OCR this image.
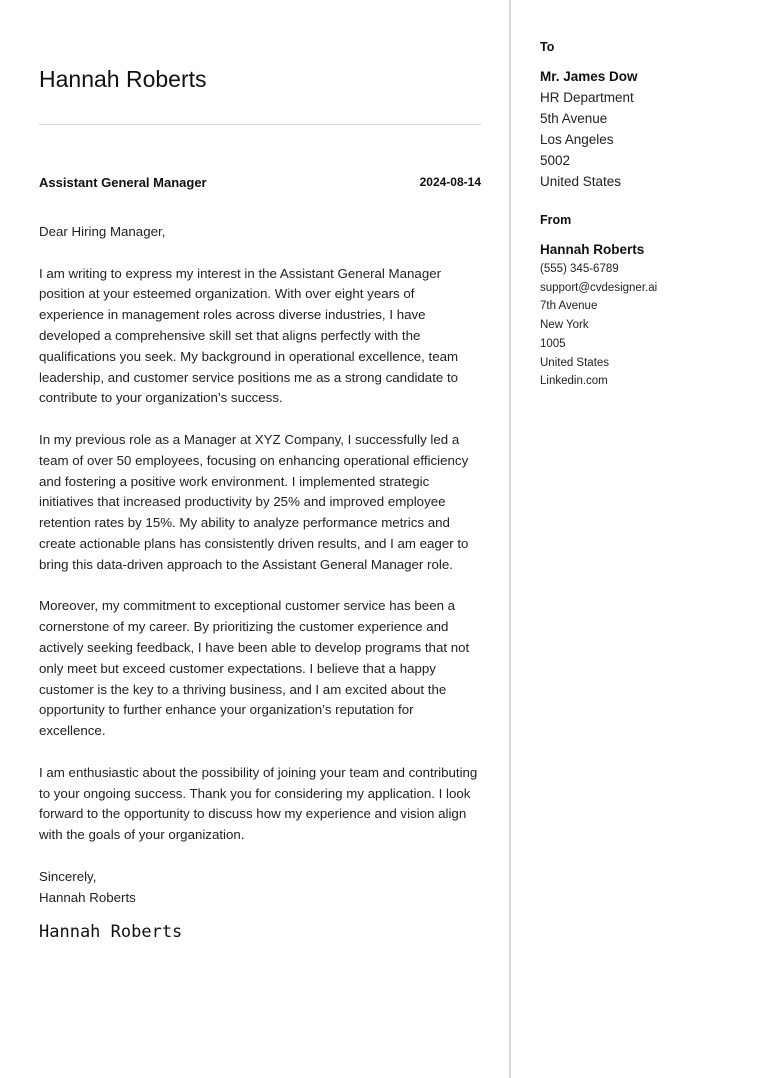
Hannah Roberts
Assistant General Manager	2024-08-14

Dear Hiring Manager,

I am writing to express my interest in the Assistant General Manager position at your esteemed organization. With over eight years of experience in management roles across diverse industries, I have developed a comprehensive skill set that aligns perfectly with the qualifications you seek. My background in operational excellence, team leadership, and customer service positions me as a strong candidate to contribute to your organization’s success.

In my previous role as a Manager at XYZ Company, I successfully led a team of over 50 employees, focusing on enhancing operational efficiency and fostering a positive work environment. I implemented strategic initiatives that increased productivity by 25% and improved employee retention rates by 15%. My ability to analyze performance metrics and create actionable plans has consistently driven results, and I am eager to bring this data-driven approach to the Assistant General Manager role.

Moreover, my commitment to exceptional customer service has been a cornerstone of my career. By prioritizing the customer experience and actively seeking feedback, I have been able to develop programs that not only meet but exceed customer expectations. I believe that a happy customer is the key to a thriving business, and I am excited about the opportunity to further enhance your organization’s reputation for excellence.

I am enthusiastic about the possibility of joining your team and contributing to your ongoing success. Thank you for considering my application. I look forward to the opportunity to discuss how my experience and vision align with the goals of your organization.

Sincerely,
Hannah Roberts
Hannah Roberts
To
Mr. James Dow
HR Department
5th Avenue
Los Angeles
5002
United States
From
Hannah Roberts
(555) 345-6789
support@cvdesigner.ai
7th Avenue
New York
1005
United States
Linkedin.com
